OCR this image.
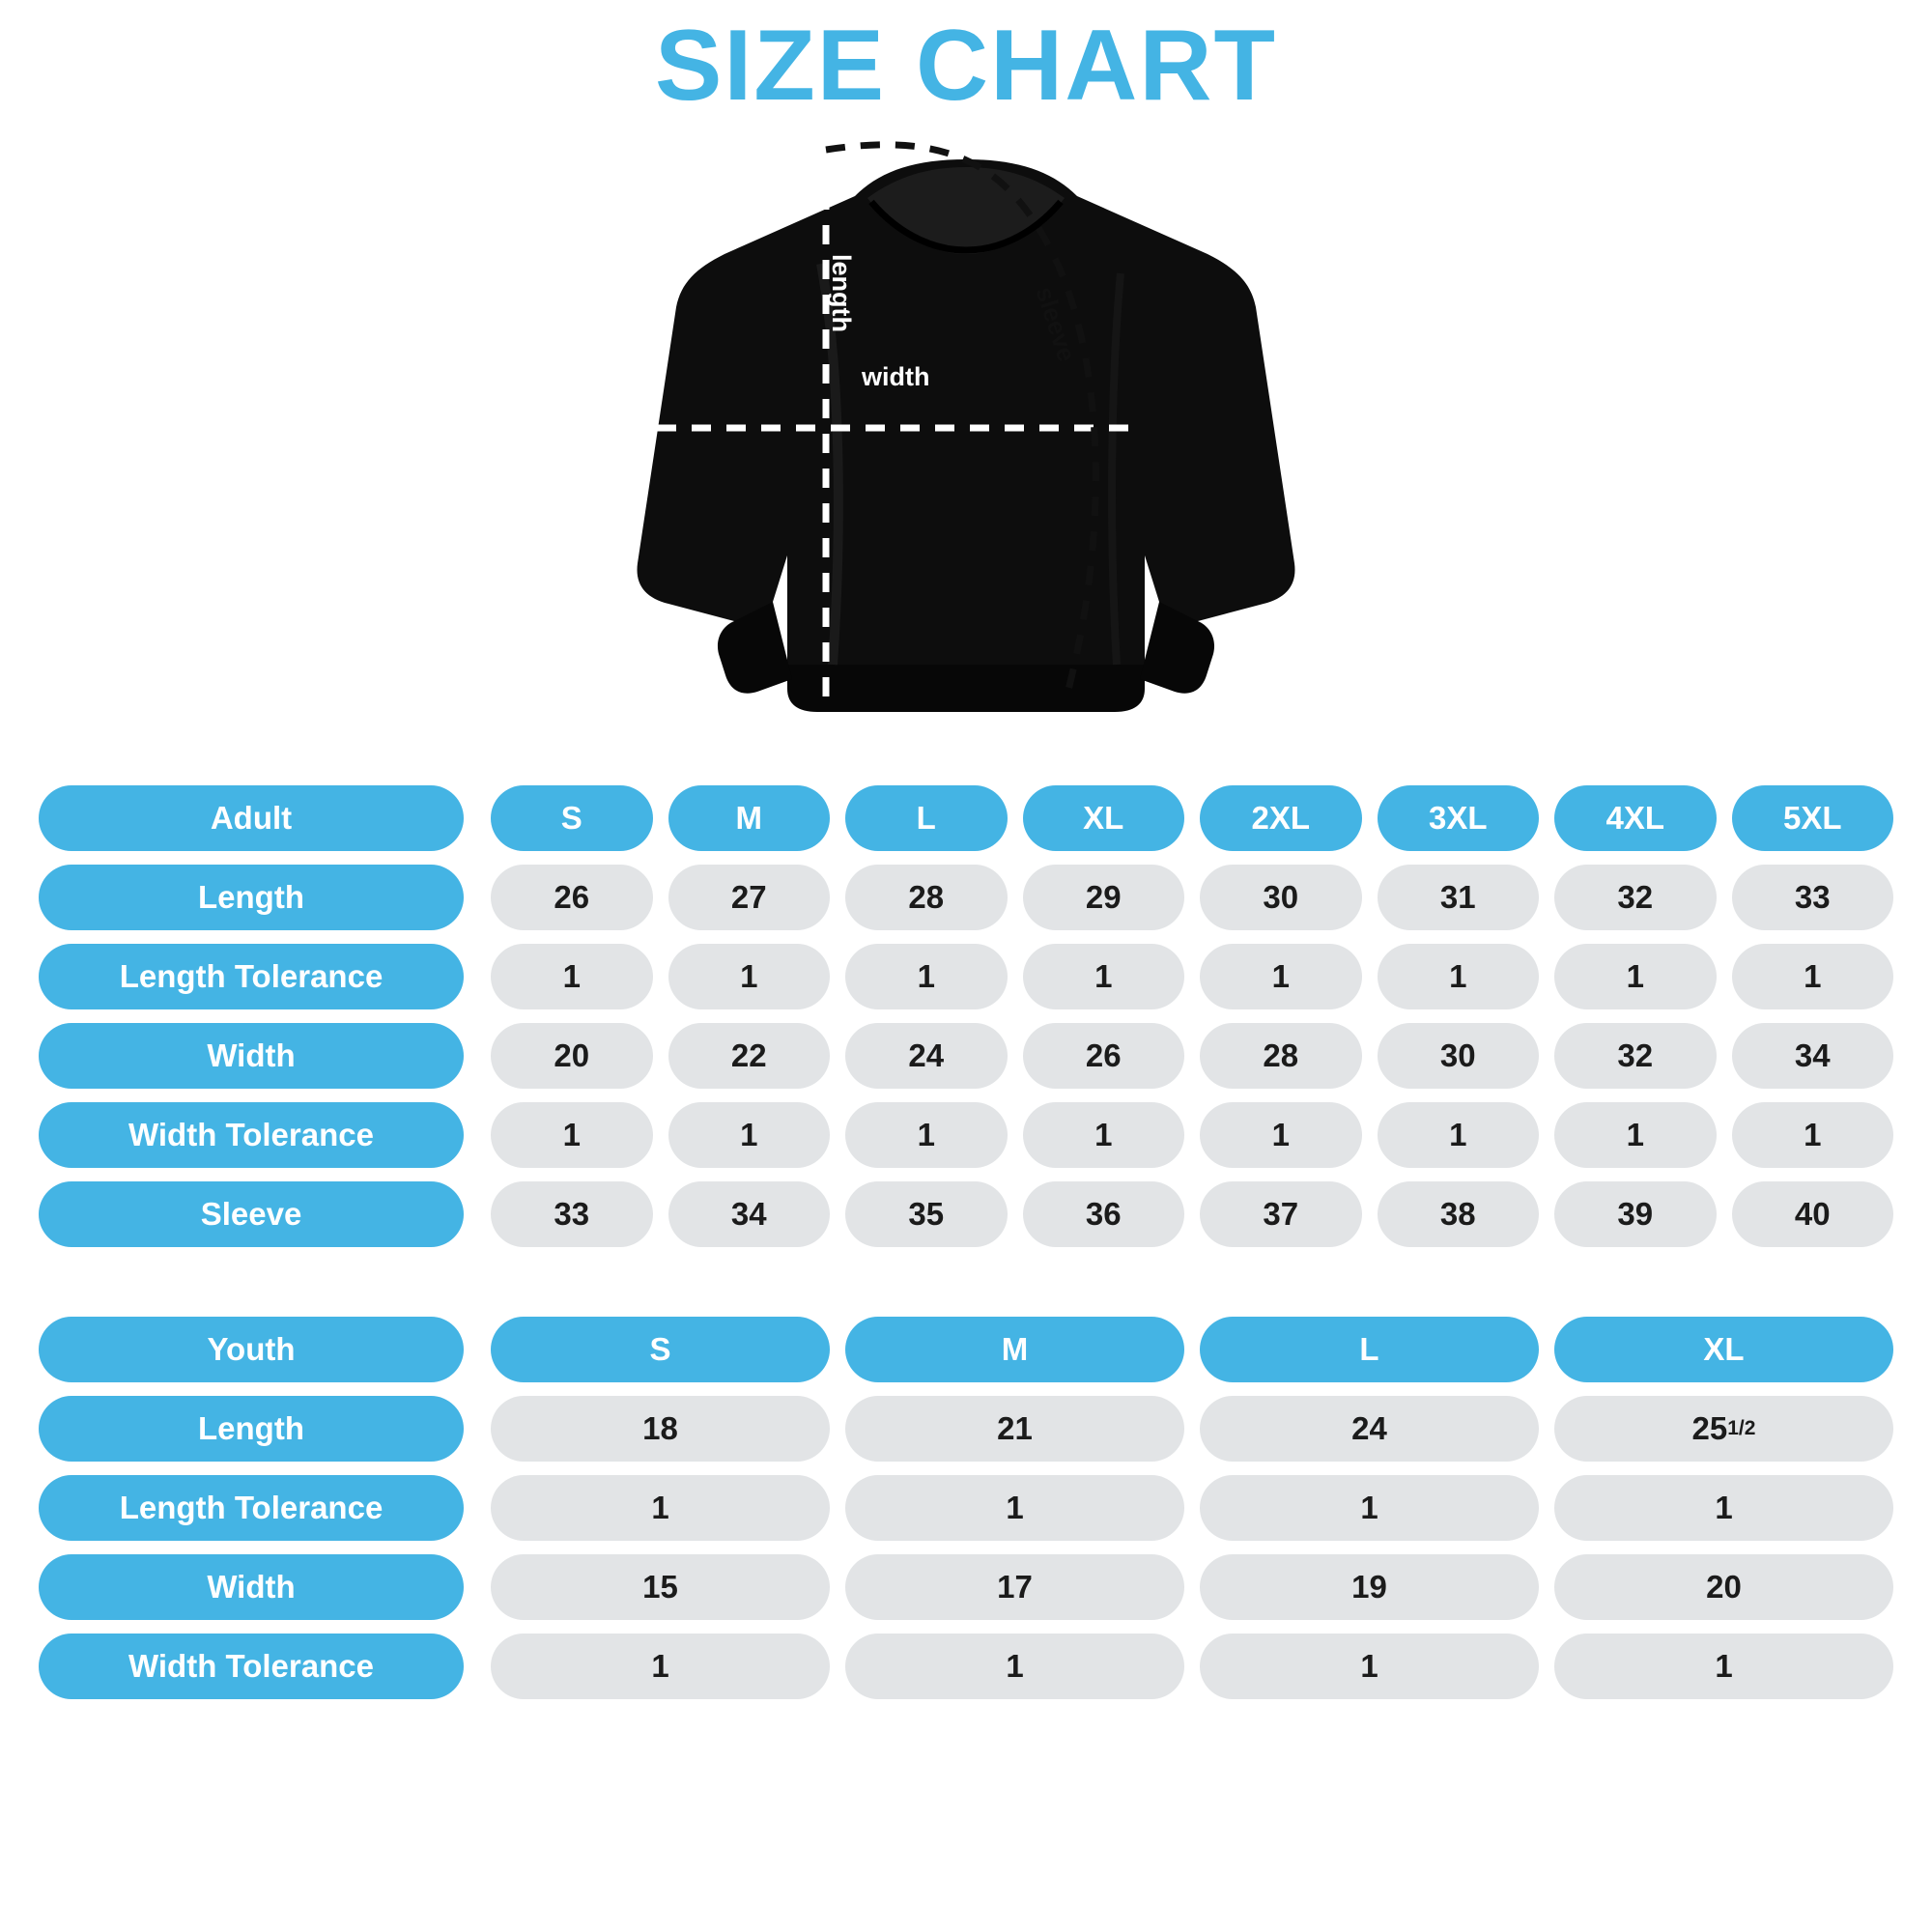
SIZE CHART
width
length	sleeve
Adult	S	M	L	XL	2XL	3XL	4XL	5XL
Length	26	27	28	29	30	31	32	33
Length Tolerance	1	1	1	1	1	1	1	1
Width	20	22	24	26	28	30	32	34
Width Tolerance	1	1	1	1	1	1	1	1
Sleeve	33	34	35	36	37	38	39	40
Youth	S	M	L	XL
Length	18	21	24	25 1/2
Length Tolerance	1	1	1	1
Width	15	17	19	20
Width Tolerance	1	1	1	1
